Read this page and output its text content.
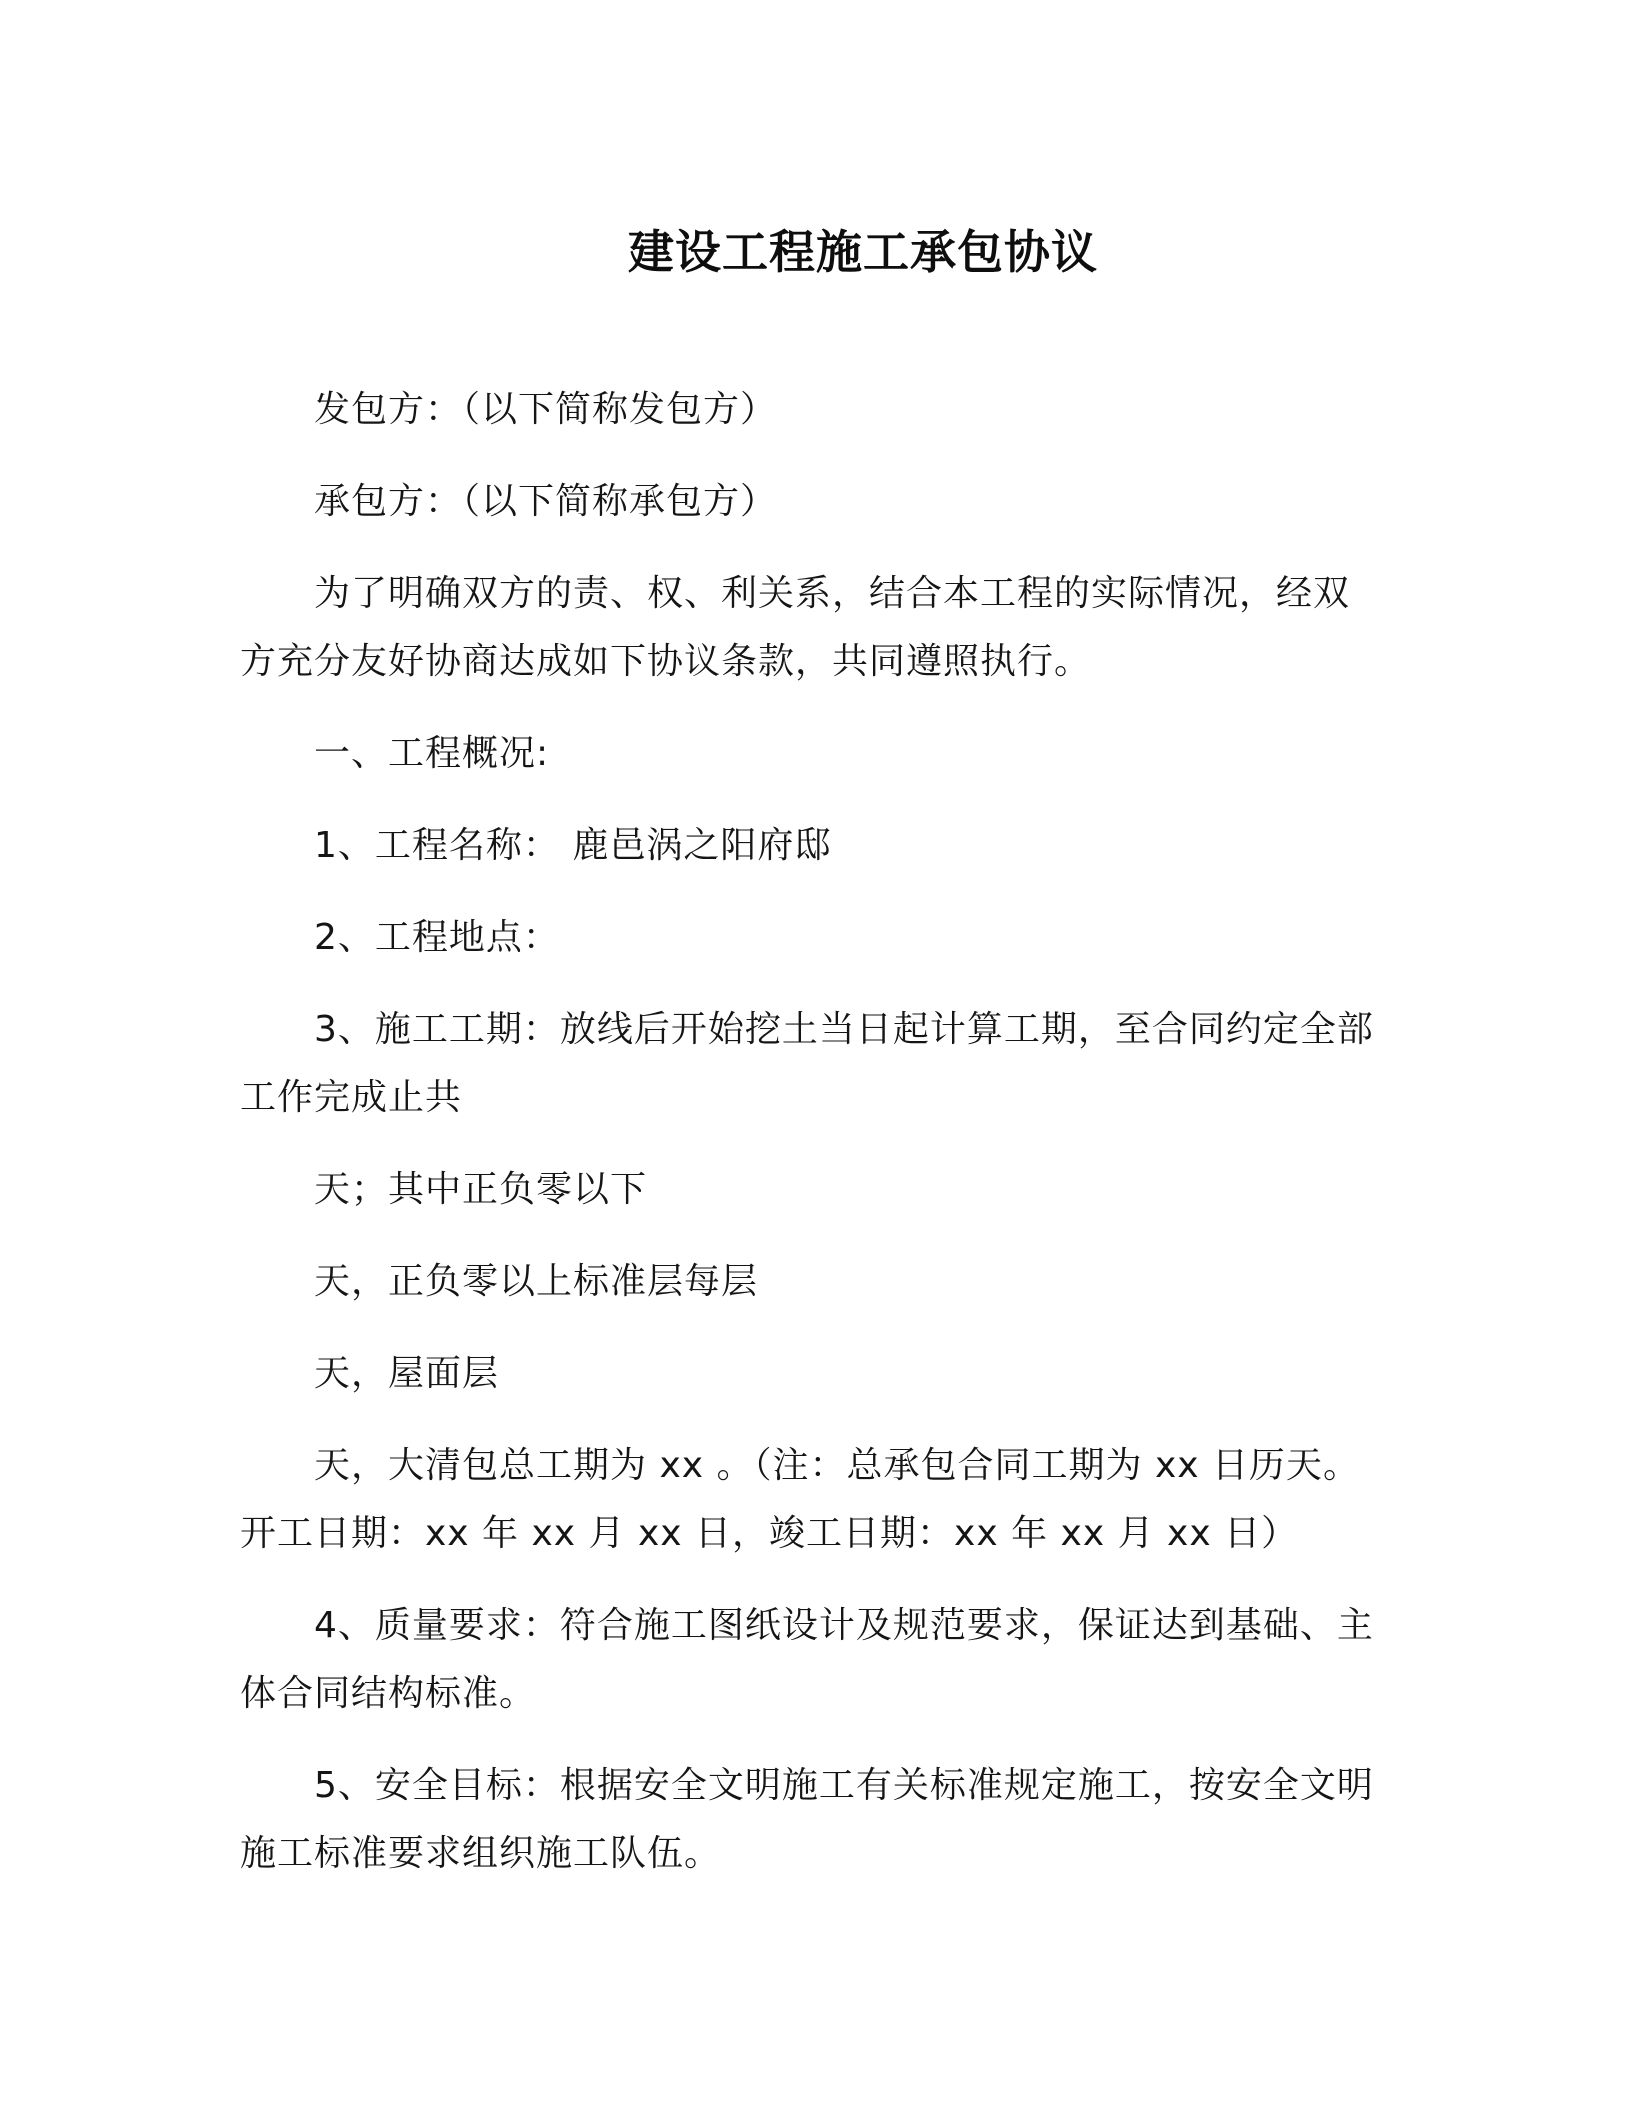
建设工程施工承包协议
发包方：（以下简称发包方）
承包方：（以下简称承包方）
为了明确双方的责、权、利关系，结合本工程的实际情况，经双
方充分友好协商达成如下协议条款，共同遵照执行。
一、工程概况:
1、工程名称： 鹿邑涡之阳府邸
2、工程地点：
3、施工工期：放线后开始挖土当日起计算工期，至合同约定全部
工作完成止共
天；其中正负零以下
天，正负零以上标准层每层
天，屋面层
天，大清包总工期为 xx 。（注：总承包合同工期为 xx 日历天。
开工日期：xx 年 xx 月 xx 日，竣工日期：xx 年 xx 月 xx 日）
4、质量要求：符合施工图纸设计及规范要求，保证达到基础、主
体合同结构标准。
5、安全目标：根据安全文明施工有关标准规定施工，按安全文明
施工标准要求组织施工队伍。
